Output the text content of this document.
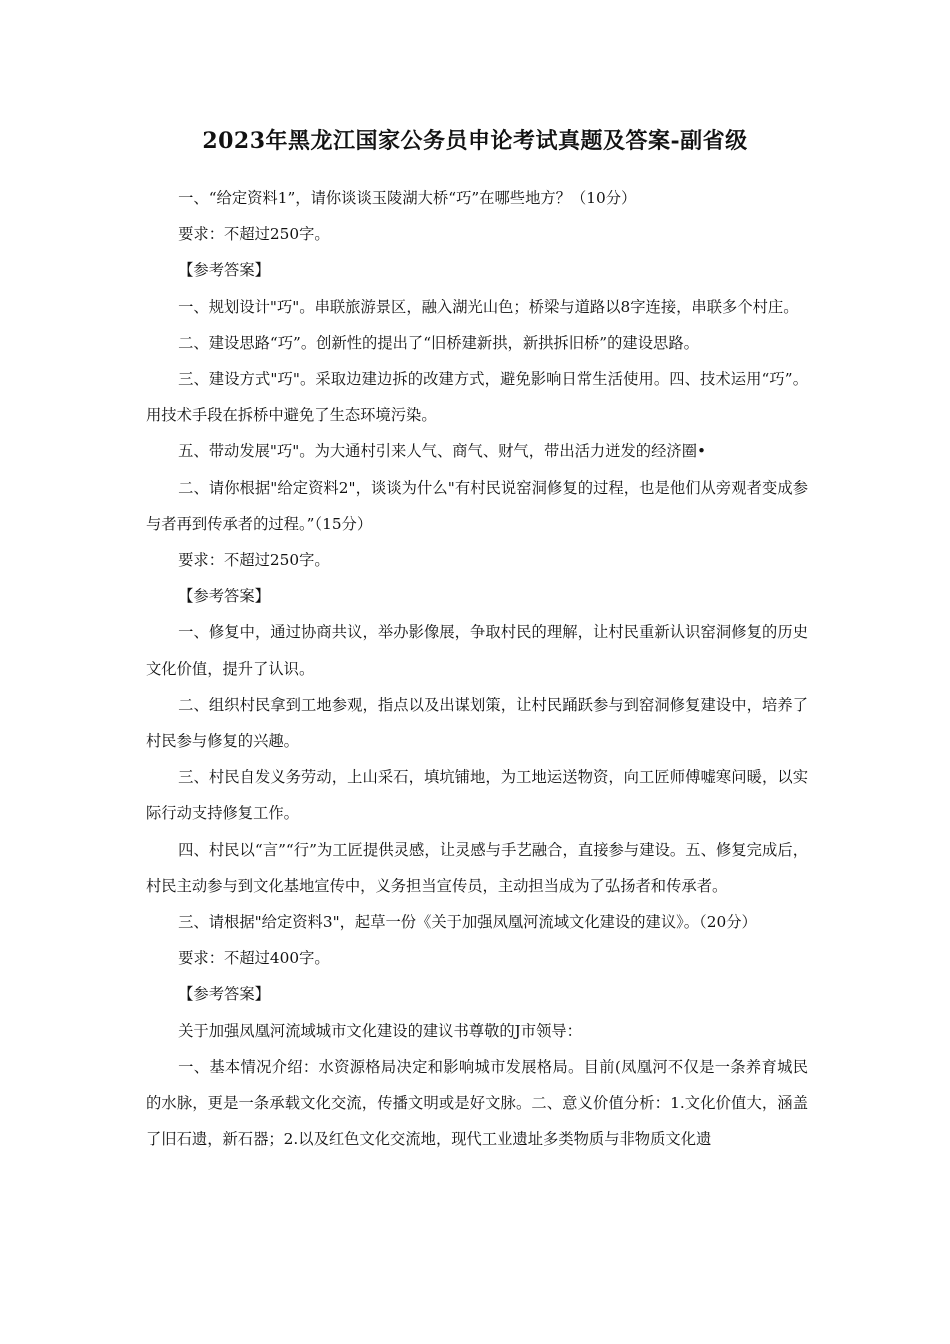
2023年黑龙江国家公务员申论考试真题及答案-副省级

一、“给定资料1”，请你谈谈玉陵湖大桥“巧”在哪些地方？（10分）

要求：不超过250字。

【参考答案】

一、规划设计"巧"。串联旅游景区，融入湖光山色；桥梁与道路以8字连接，串联多个村庄。

二、建设思路“巧”。创新性的提出了“旧桥建新拱，新拱拆旧桥”的建设思路。

三、建设方式"巧"。采取边建边拆的改建方式，避免影响日常生活使用。四、技术运用“巧”。用技术手段在拆桥中避免了生态环境污染。

五、带动发展"巧"。为大通村引来人气、商气、财气，带出活力迸发的经济圈•

二、请你根据"给定资料2"，谈谈为什么"有村民说窑洞修复的过程，也是他们从旁观者变成参与者再到传承者的过程。”（15分）

要求：不超过250字。

【参考答案】

一、修复中，通过协商共议，举办影像展，争取村民的理解，让村民重新认识窑洞修复的历史文化价值，提升了认识。

二、组织村民拿到工地参观，指点以及出谋划策，让村民踊跃参与到窑洞修复建设中，培养了村民参与修复的兴趣。

三、村民自发义务劳动，上山采石，填坑铺地，为工地运送物资，向工匠师傅嘘寒问暖，以实际行动支持修复工作。

四、村民以“言”“行”为工匠提供灵感，让灵感与手艺融合，直接参与建设。五、修复完成后，村民主动参与到文化基地宣传中，义务担当宣传员，主动担当成为了弘扬者和传承者。

三、请根据"给定资料3"，起草一份《关于加强凤凰河流域文化建设的建议》。（20分）

要求：不超过400字。

【参考答案】

关于加强凤凰河流域城市文化建设的建议书尊敬的J市领导：

一、基本情况介绍：水资源格局决定和影响城市发展格局。目前(凤凰河不仅是一条养育城民的水脉，更是一条承载文化交流，传播文明或是好文脉。二、意义价值分析：1.文化价值大，涵盖了旧石遗，新石器；2.以及红色文化交流地，现代工业遗址多类物质与非物质文化遗
